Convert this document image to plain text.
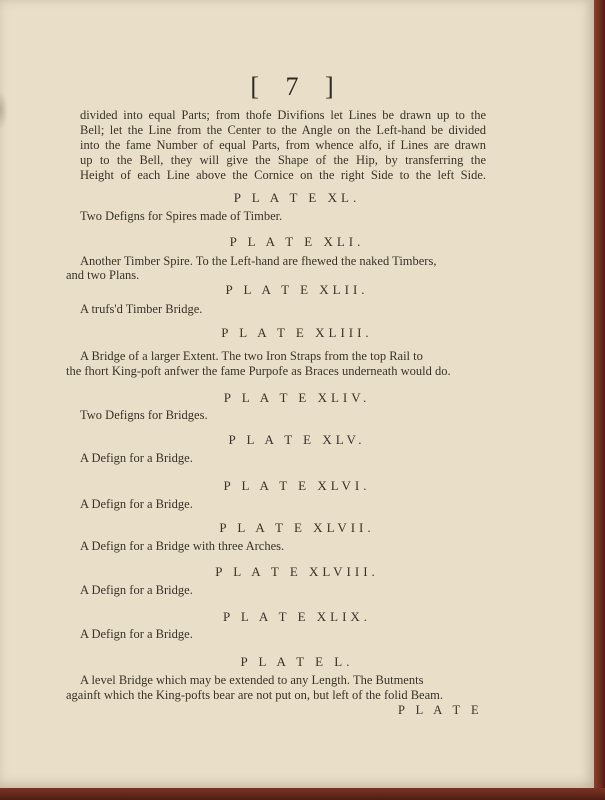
[ 7 ]
divided into equal Parts; from thofe Divifions let Lines be drawn up to the
Bell; let the Line from the Center to the Angle on the Left-hand be divided
into the fame Number of equal Parts, from whence alfo, if Lines are drawn
up to the Bell, they will give the Shape of the Hip, by transferring the
Height of each Line above the Cornice on the right Side to the left Side.
P L A T E XL.
Two Defigns for Spires made of Timber.
P L A T E XLI.
Another Timber Spire. To the Left-hand are fhewed the naked Timbers,
and two Plans.
P L A T E XLII.
A trufs'd Timber Bridge.
P L A T E XLIII.
A Bridge of a larger Extent. The two Iron Straps from the top Rail to
the fhort King-poft anfwer the fame Purpofe as Braces underneath would do.
P L A T E XLIV.
Two Defigns for Bridges.
P L A T E XLV.
A Defign for a Bridge.
P L A T E XLVI.
A Defign for a Bridge.
P L A T E XLVII.
A Defign for a Bridge with three Arches.
P L A T E XLVIII.
A Defign for a Bridge.
P L A T E XLIX.
A Defign for a Bridge.
P L A T E L.
A level Bridge which may be extended to any Length. The Butments
againft which the King-pofts bear are not put on, but left of the folid Beam.
P L A T E
